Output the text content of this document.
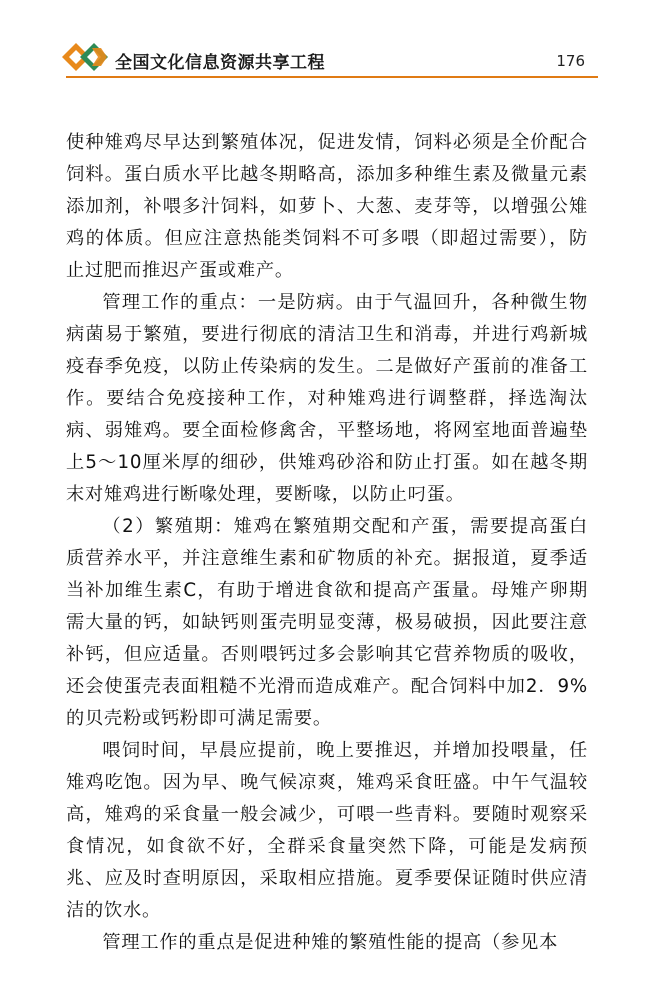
全国文化信息资源共享工程	176

使种雉鸡尽早达到繁殖体况，促进发情，饲料必须是全价配合饲料。蛋白质水平比越冬期略高，添加多种维生素及微量元素添加剂，补喂多汁饲料，如萝卜、大葱、麦芽等，以增强公雉鸡的体质。但应注意热能类饲料不可多喂（即超过需要），防止过肥而推迟产蛋或难产。

管理工作的重点：一是防病。由于气温回升，各种微生物病菌易于繁殖，要进行彻底的清洁卫生和消毒，并进行鸡新城疫春季免疫，以防止传染病的发生。二是做好产蛋前的准备工作。要结合免疫接种工作，对种雉鸡进行调整群，择选淘汰病、弱雉鸡。要全面检修禽舍，平整场地，将网室地面普遍垫上5～10厘米厚的细砂，供雉鸡砂浴和防止打蛋。如在越冬期末对雉鸡进行断喙处理，要断喙，以防止叼蛋。

（2）繁殖期：雉鸡在繁殖期交配和产蛋，需要提高蛋白质营养水平，并注意维生素和矿物质的补充。据报道，夏季适当补加维生素C，有助于增进食欲和提高产蛋量。母雉产卵期需大量的钙，如缺钙则蛋壳明显变薄，极易破损，因此要注意补钙，但应适量。否则喂钙过多会影响其它营养物质的吸收，还会使蛋壳表面粗糙不光滑而造成难产。配合饲料中加2．9%的贝壳粉或钙粉即可满足需要。

喂饲时间，早晨应提前，晚上要推迟，并增加投喂量，任雉鸡吃饱。因为早、晚气候凉爽，雉鸡采食旺盛。中午气温较高，雉鸡的采食量一般会减少，可喂一些青料。要随时观察采食情况，如食欲不好，全群采食量突然下降，可能是发病预兆、应及时查明原因，采取相应措施。夏季要保证随时供应清洁的饮水。

管理工作的重点是促进种雉的繁殖性能的提高（参见本
